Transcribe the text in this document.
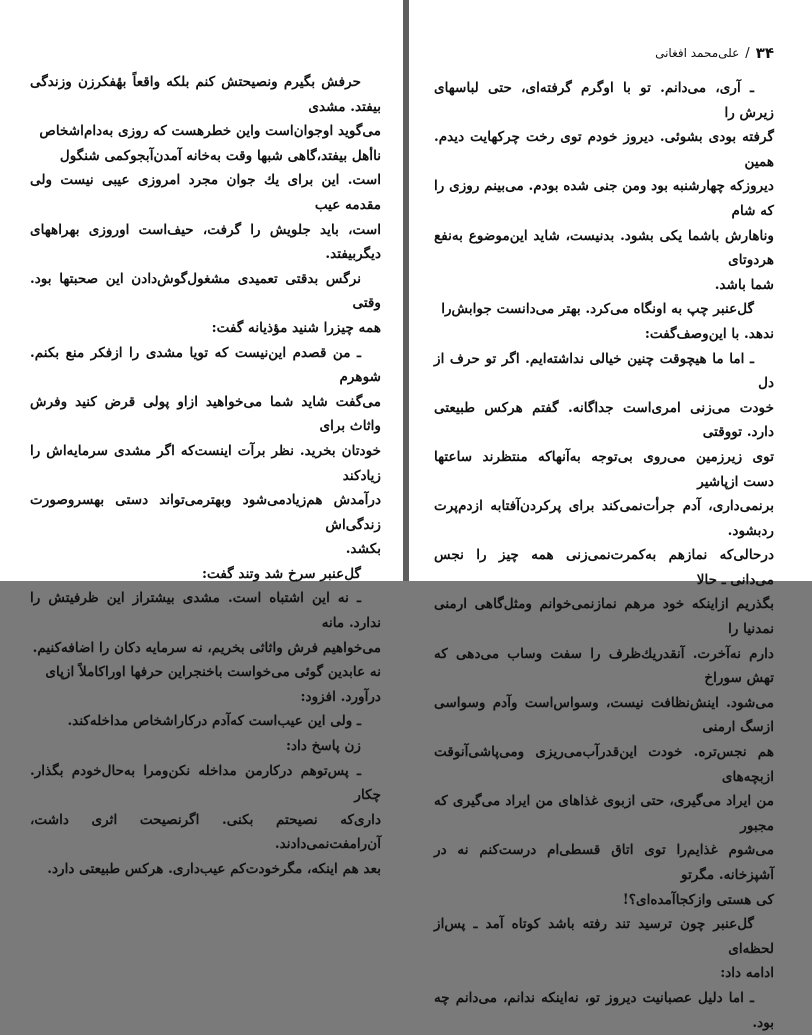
حرفش بگیرم ونصیحتش کنم بلکه واقعاً بهٔفکرزن وزندگی بیفتد. مشدی
می‌گوید اوجوان‌است واین خطرهست که روزی به‌دام‌اشخاص
ناأهل بیفتد،گاهی شبها وقت به‌خانه آمدن‌آبجوکمی شنگول
است. این برای یك جوان مجرد امروزی عیبی نیست ولی مقدمه عیب
است، باید جلویش را گرفت، حیف‌است اوروزی بهراههای دیگربیفتد.

نرگس بدقتی تعمیدی مشغول‌گوش‌دادن این صحبتها بود. وقتی
همه چیزرا شنید مؤذیانه گفت:

ـ من قصدم این‌نیست که تویا مشدی را ازفکر منع بکنم. شوهرم
می‌گفت شاید شما می‌خواهید ازاو پولی قرض کنید وفرش واثاث برای
خودتان بخرید. نظر برآت اینست‌که اگر مشدی سرمایه‌اش را زیادکند
درآمدش هم‌زیادمی‌شود وبهترمی‌تواند دستی بهسروصورت زندگی‌اش
بکشد.

گل‌عنبر سرخ شد وتند گفت:

ـ نه این اشتباه است. مشدی بیشتراز این ظرفیتش را ندارد. مانه
می‌خواهیم فرش واثاثی بخریم، نه سرمایه دکان را اضافه‌کنیم.
نه عابدین گوئی می‌خواست باخنجراین حرفها اوراکاملاً ازپای
درآورد. افزود:

ـ ولی این عیب‌است که‌آدم درکاراشخاص مداخله‌کند.

زن پاسخ داد:

ـ پس‌توهم درکارمن مداخله نکن‌ومرا به‌حال‌خودم بگذار. چکار
داری‌که نصیحتم بکنی. اگرنصیحت اثری داشت، آن‌رامفت‌نمی‌دادند.
بعد هم اینکه، مگرخودت‌کم عیب‌داری. هرکس طبیعتی دارد.

۳۴
/
علی‌محمد افغانی

ـ آری، می‌دانم. تو با اوگرم گرفته‌ای، حتی لباسهای زیرش را
گرفته بودی بشوئی. دیروز خودم توی رخت چرکهایت دیدم. همین
دیروزکه چهارشنبه بود ومن جنی شده بودم. می‌بینم روزی را که شام
وناهارش باشما یکی بشود. بدنیست، شاید این‌موضوع به‌نفع هردوتای
شما باشد.

گل‌عنبر چپ به اونگاه می‌کرد. بهتر می‌دانست جوابش‌را
ندهد. با این‌وصف‌گفت:

ـ اما ما هیچوقت چنین خیالی نداشته‌ایم. اگر تو حرف از دل
خودت می‌زنی امری‌است جداگانه. گفتم هرکس طبیعتی دارد. تووقتی
توی زیرزمین می‌روی بی‌توجه به‌آنهاکه منتظرند ساعتها دست ازپاشیر
برنمی‌داری، آدم جرأت‌نمی‌کند برای پرکردن‌آفتابه ازدم‌پرت ردبشود.
درحالی‌که نمازهم به‌کمرت‌نمی‌زنی همه چیز را نجس می‌دانی ـ حالا
بگذریم ازاینکه خود مرهم نمازنمی‌خوانم ومثل‌گاهی ارمنی نمدنیا را
دارم نه‌آخرت. آنقدریك‌ظرف را سفت وساب می‌دهی که تهش سوراخ
می‌شود. اینش‌نظافت نیست، وسواس‌است وآدم وسواسی ازسگ ارمنی
هم نجس‌تره. خودت این‌قدرآب‌می‌ریزی ومی‌پاشی‌آنوقت ازبچه‌های
من ایراد می‌گیری، حتی ازبوی غذاهای من ایراد می‌گیری که مجبور
می‌شوم غذایم‌را توی اتاق قسطی‌ام درست‌کنم نه در آشپزخانه. مگرتو
کی هستی وازکجاآمده‌ای؟!

گل‌عنبر چون ترسید تند رفته باشد کوتاه آمد ـ پس‌از لحظه‌ای
ادامه داد:

ـ اما دلیل عصبانیت دیروز تو، نه‌اینکه ندانم، می‌دانم چه بود.
